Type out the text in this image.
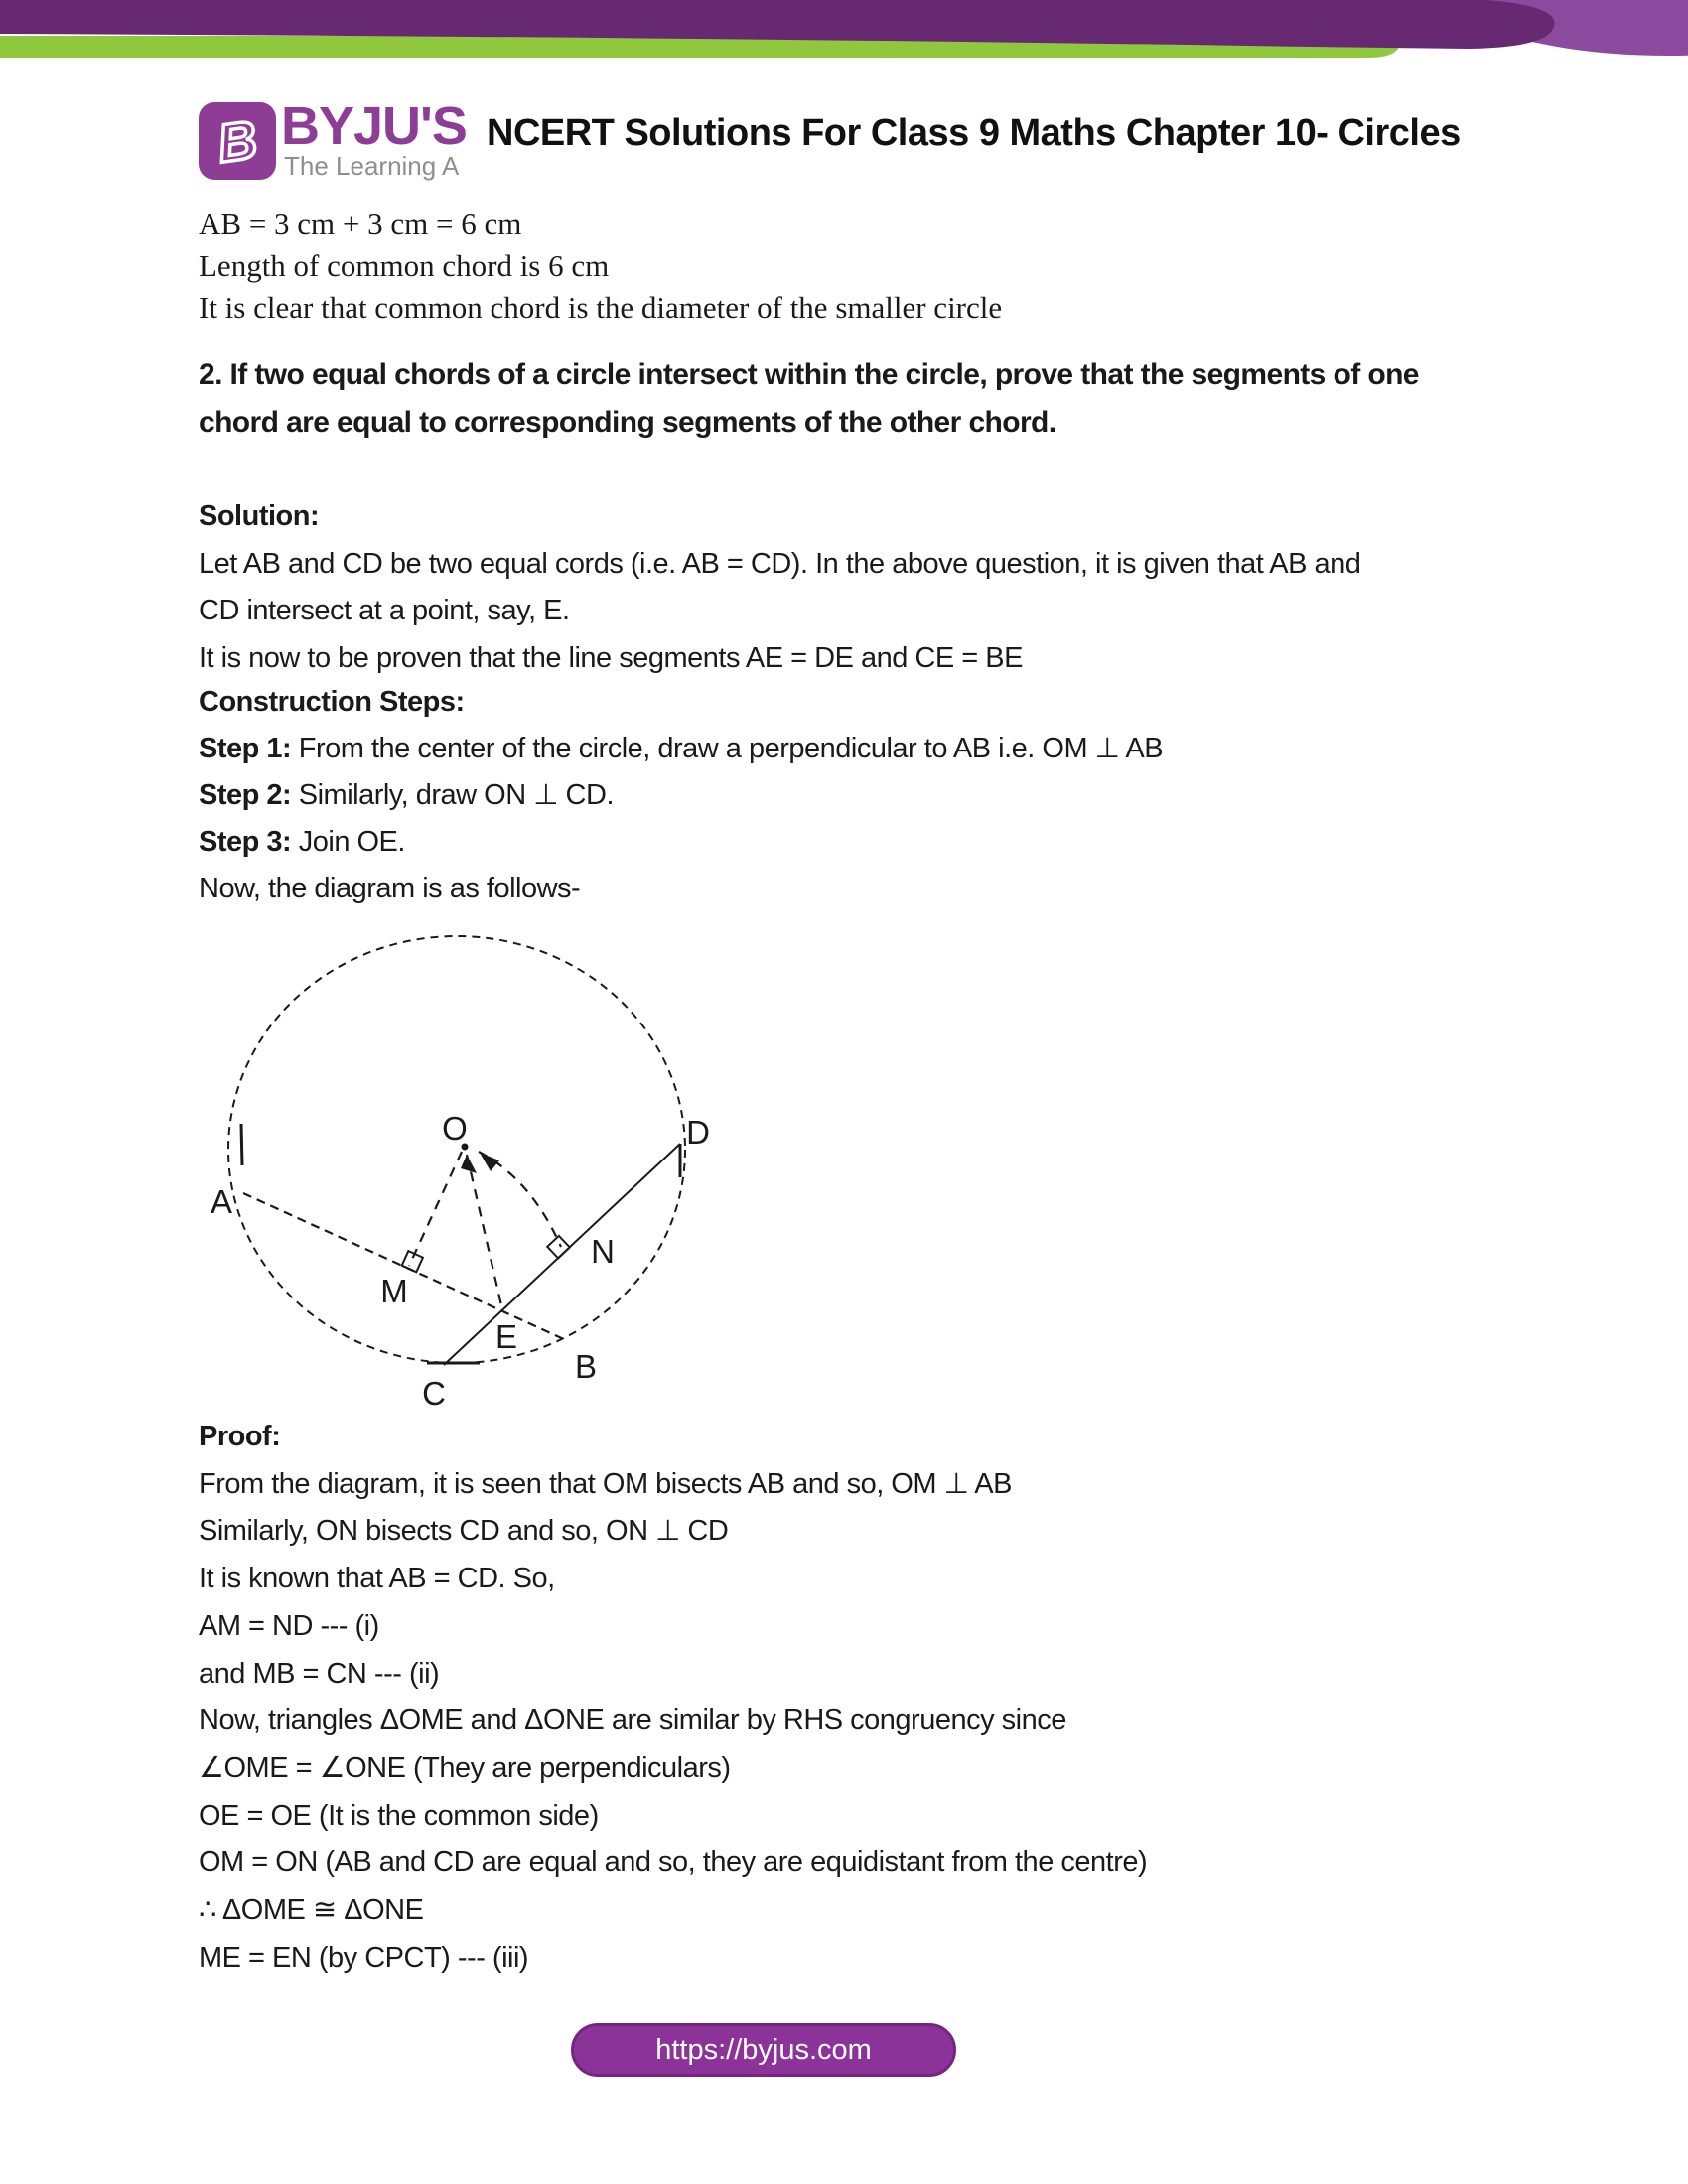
B BYJU'S
The Learning A
NCERT Solutions For Class 9 Maths Chapter 10- Circles
AB = 3 cm + 3 cm = 6 cm
Length of common chord is 6 cm
It is clear that common chord is the diameter of the smaller circle
2. If two equal chords of a circle intersect within the circle, prove that the segments of one
chord are equal to corresponding segments of the other chord.
Solution:
Let AB and CD be two equal cords (i.e. AB = CD). In the above question, it is given that AB and
CD intersect at a point, say, E.
It is now to be proven that the line segments AE = DE and CE = BE
Construction Steps:
Step 1: From the center of the circle, draw a perpendicular to AB i.e. OM ⊥ AB
Step 2: Similarly, draw ON ⊥ CD.
Step 3: Join OE.
Now, the diagram is as follows-
O
A
D
M
N
E
B
C
Proof:
From the diagram, it is seen that OM bisects AB and so, OM ⊥ AB
Similarly, ON bisects CD and so, ON ⊥ CD
It is known that AB = CD. So,
AM = ND --- (i)
and MB = CN --- (ii)
Now, triangles ΔOME and ΔONE are similar by RHS congruency since
∠OME = ∠ONE (They are perpendiculars)
OE = OE (It is the common side)
OM = ON (AB and CD are equal and so, they are equidistant from the centre)
∴ ΔOME ≅ ΔONE
ME = EN (by CPCT) --- (iii)
https://byjus.com
